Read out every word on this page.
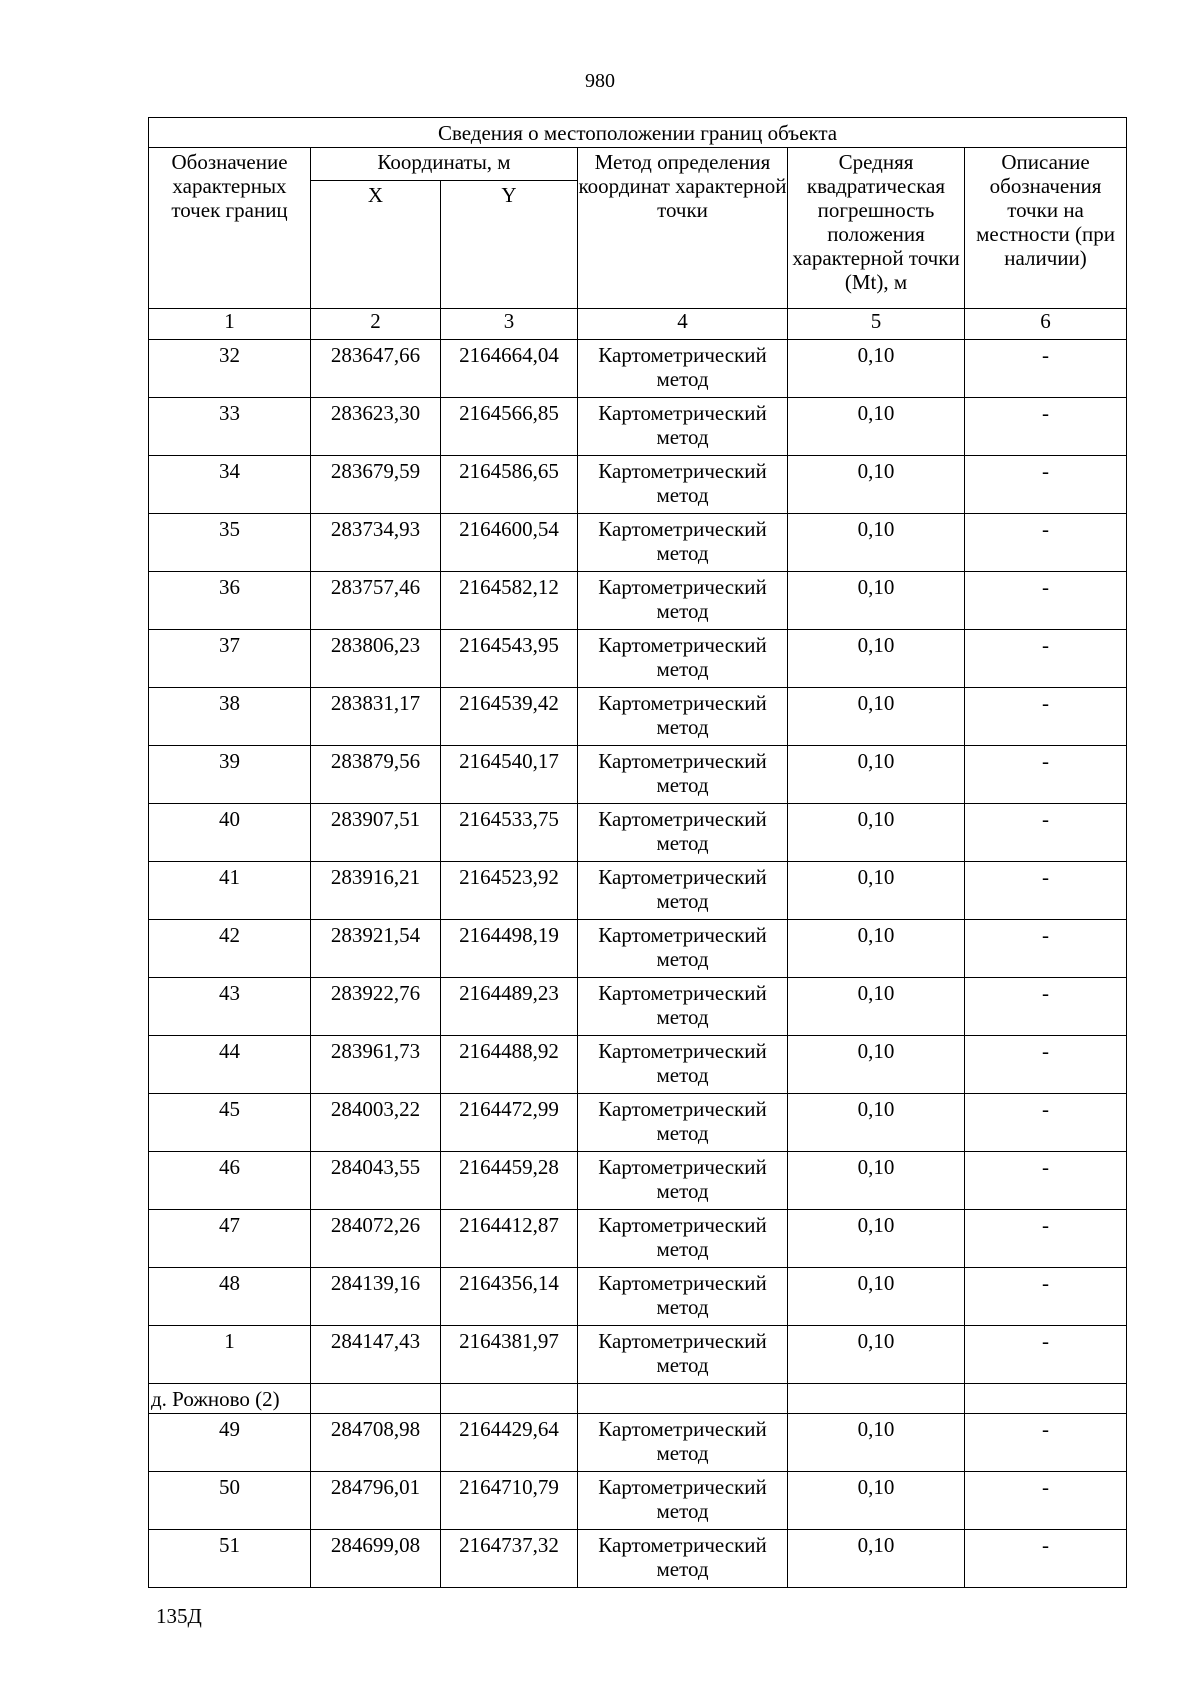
980
Сведения о местоположении границ объекта					
Обозначение характерных точек границ	Координаты, м		Метод определения координат характерной точки	Средняя квадратическая погрешность положения характерной точки (Mt), м	Описание обозначения точки на местности (при наличии)
	X	Y			
1	2	3	4	5	6
32	283647,66	2164664,04	Картометрический метод	0,10	-
33	283623,30	2164566,85	Картометрический метод	0,10	-
34	283679,59	2164586,65	Картометрический метод	0,10	-
35	283734,93	2164600,54	Картометрический метод	0,10	-
36	283757,46	2164582,12	Картометрический метод	0,10	-
37	283806,23	2164543,95	Картометрический метод	0,10	-
38	283831,17	2164539,42	Картометрический метод	0,10	-
39	283879,56	2164540,17	Картометрический метод	0,10	-
40	283907,51	2164533,75	Картометрический метод	0,10	-
41	283916,21	2164523,92	Картометрический метод	0,10	-
42	283921,54	2164498,19	Картометрический метод	0,10	-
43	283922,76	2164489,23	Картометрический метод	0,10	-
44	283961,73	2164488,92	Картометрический метод	0,10	-
45	284003,22	2164472,99	Картометрический метод	0,10	-
46	284043,55	2164459,28	Картометрический метод	0,10	-
47	284072,26	2164412,87	Картометрический метод	0,10	-
48	284139,16	2164356,14	Картометрический метод	0,10	-
1	284147,43	2164381,97	Картометрический метод	0,10	-
д. Рожново (2)					
49	284708,98	2164429,64	Картометрический метод	0,10	-
50	284796,01	2164710,79	Картометрический метод	0,10	-
51	284699,08	2164737,32	Картометрический метод	0,10	-
135Д
